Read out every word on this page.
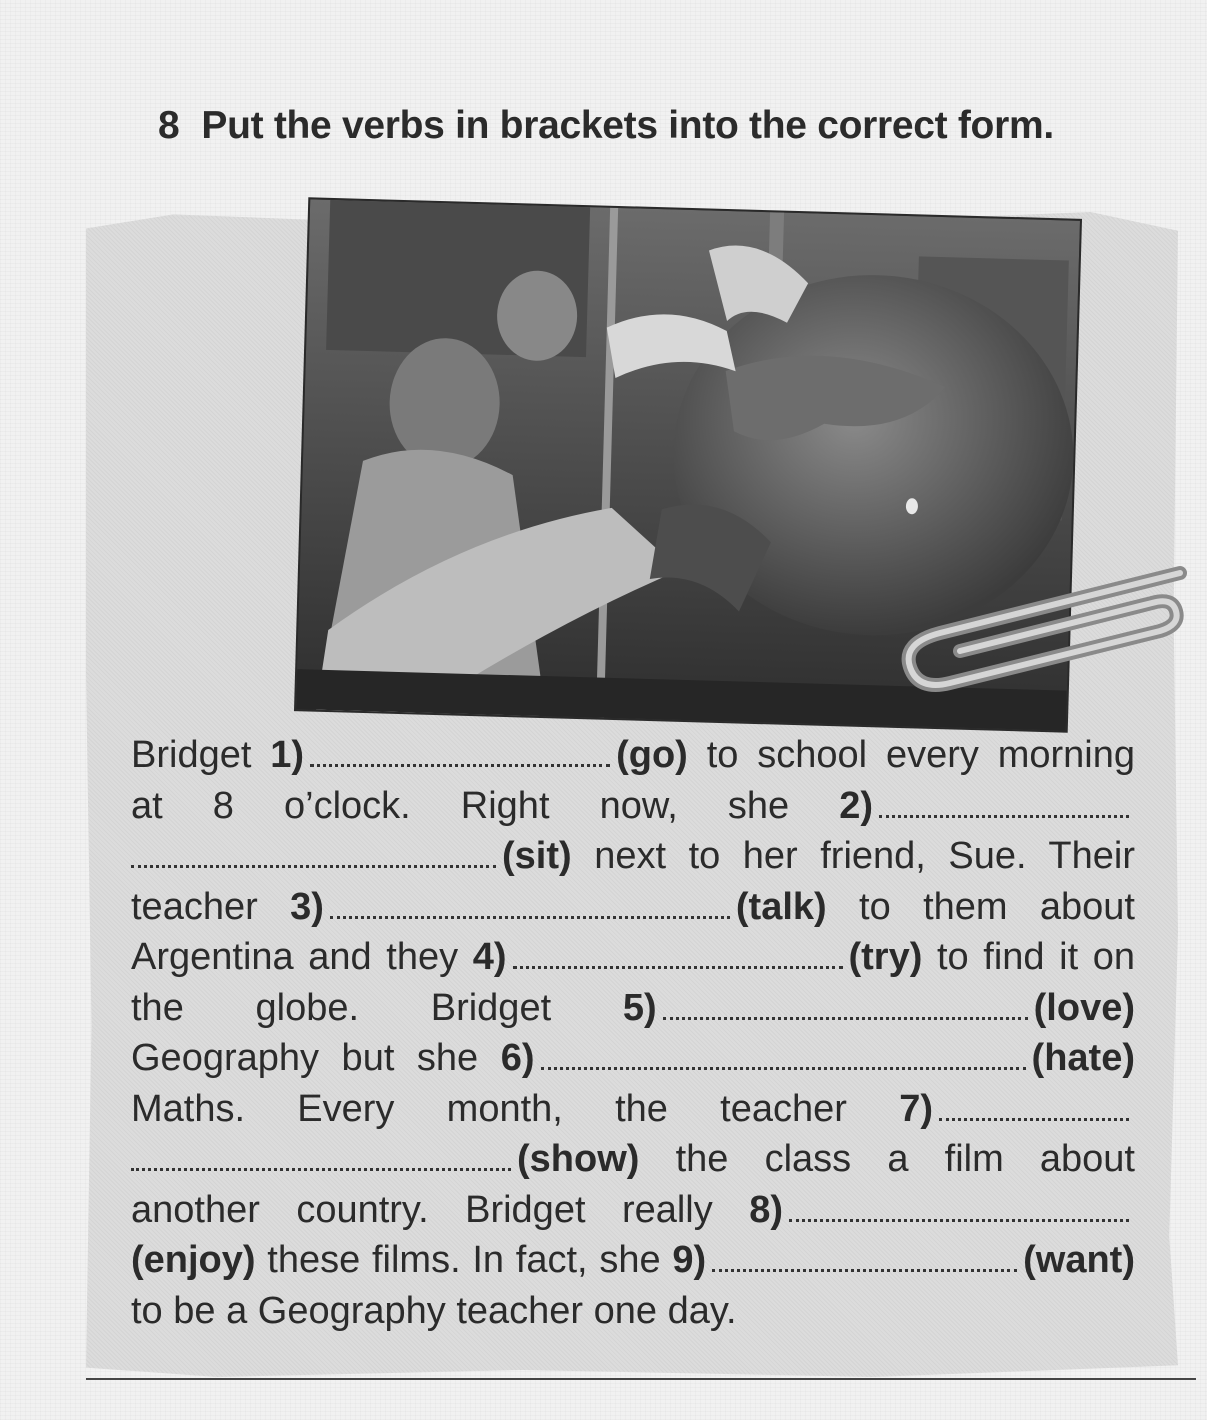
8 Put the verbs in brackets into the correct form.
Bridget 1)	(go) to school every morning at 8 o’clock. Right now, she 2)(sit) next to her friend, Sue. Their teacher 3)	(talk) to them about Argentina and they 4)	(try) to find it on the globe. Bridget 5)	(love) Geography but she 6)	(hate) Maths. Every month, the teacher 7)(show) the class a film about another country. Bridget really 8)(enjoy) these films. In fact, she 9)	(want) to be a Geography teacher one day.
